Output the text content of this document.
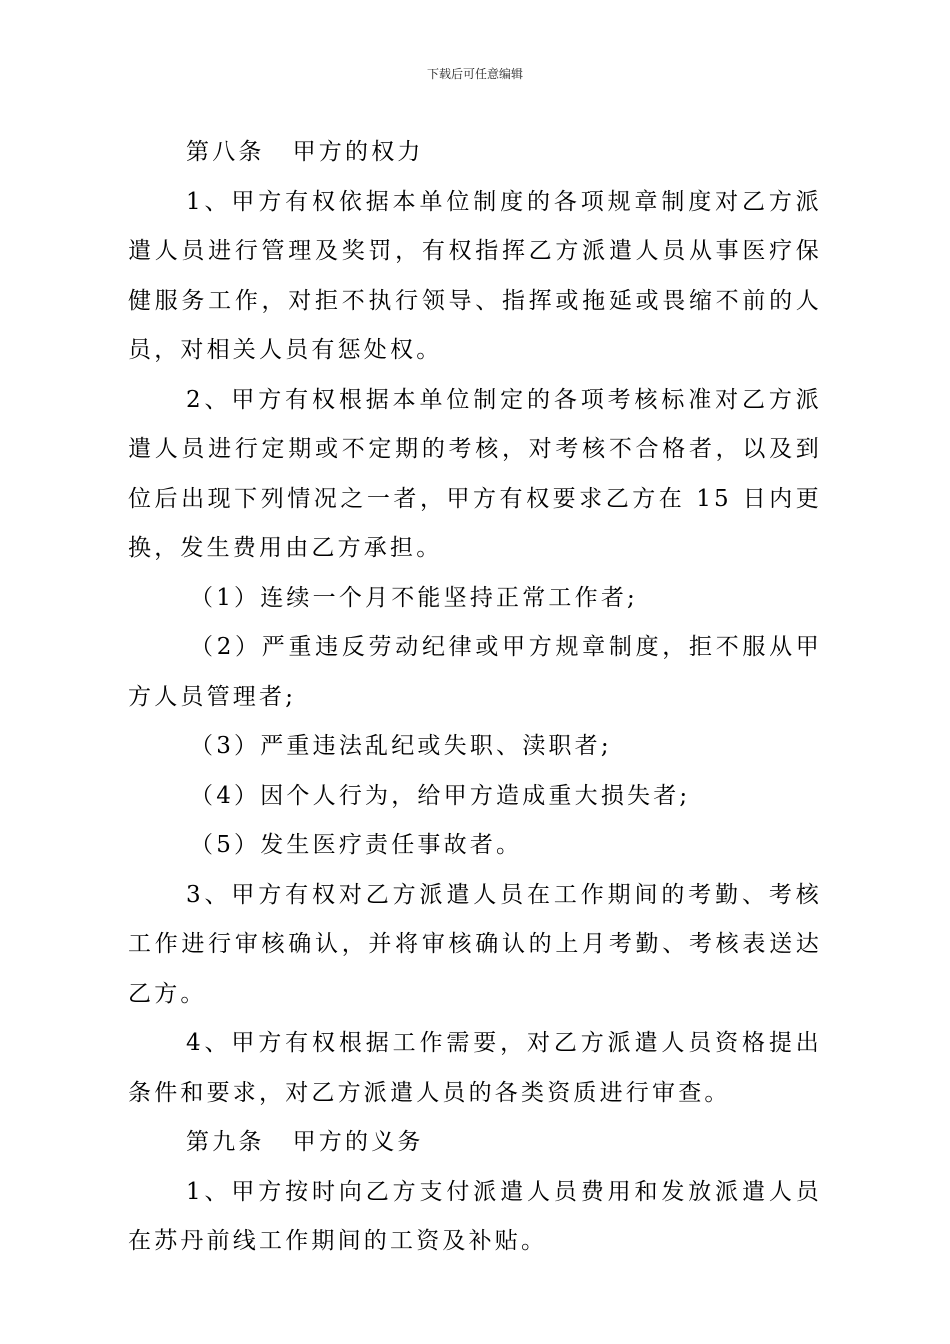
下载后可任意编辑

第八条 甲方的权力

1、甲方有权依据本单位制度的各项规章制度对乙方派遣人员进行管理及奖罚，有权指挥乙方派遣人员从事医疗保健服务工作，对拒不执行领导、指挥或拖延或畏缩不前的人员，对相关人员有惩处权。

2、甲方有权根据本单位制定的各项考核标准对乙方派遣人员进行定期或不定期的考核，对考核不合格者，以及到位后出现下列情况之一者，甲方有权要求乙方在 15 日内更换，发生费用由乙方承担。

（1）连续一个月不能坚持正常工作者;

（2）严重违反劳动纪律或甲方规章制度，拒不服从甲方人员管理者;

（3）严重违法乱纪或失职、渎职者;

（4）因个人行为，给甲方造成重大损失者;

（5）发生医疗责任事故者。

3、甲方有权对乙方派遣人员在工作期间的考勤、考核工作进行审核确认，并将审核确认的上月考勤、考核表送达乙方。

4、甲方有权根据工作需要，对乙方派遣人员资格提出条件和要求，对乙方派遣人员的各类资质进行审查。

第九条 甲方的义务

1、甲方按时向乙方支付派遣人员费用和发放派遣人员在苏丹前线工作期间的工资及补贴。
